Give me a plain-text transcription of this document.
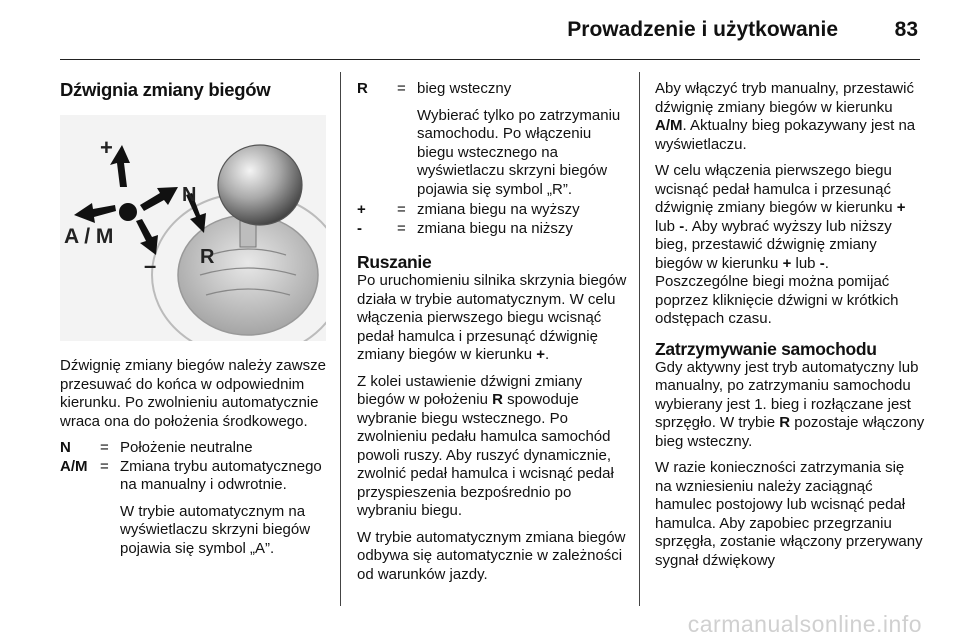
Prowadzenie i użytkowanie	83
Dźwignia zmiany biegów
+
–
A / M
N
R

Dźwignię zmiany biegów należy zawsze przesuwać do końca w odpowiednim kierunku. Po zwolnieniu automatycznie wraca ona do położenia środkowego.

N	= Położenie neutralne
A/M = Zmiana trybu automatycznego na manualny i odwrotnie.
W trybie automatycznym na wyświetlaczu skrzyni biegów pojawia się symbol „A”.
R	= bieg wsteczny
Wybierać tylko po zatrzymaniu samochodu. Po włączeniu biegu wstecznego na wyświetlaczu skrzyni biegów pojawia się symbol „R”.
+	= zmiana biegu na wyższy
-	= zmiana biegu na niższy
Ruszanie

Po uruchomieniu silnika skrzynia biegów działa w trybie automatycznym. W celu włączenia pierwszego biegu wcisnąć pedał hamulca i przesunąć dźwignię zmiany biegów w kierunku +.

Z kolei ustawienie dźwigni zmiany biegów w położeniu R spowoduje wybranie biegu wstecznego. Po zwolnieniu pedału hamulca samochód powoli ruszy. Aby ruszyć dynamicznie, zwolnić pedał hamulca i wcisnąć pedał przyspieszenia bezpośrednio po wybraniu biegu.

W trybie automatycznym zmiana biegów odbywa się automatycznie w zależności od warunków jazdy.

Aby włączyć tryb manualny, przestawić dźwignię zmiany biegów w kierunku A/M. Aktualny bieg pokazywany jest na wyświetlaczu.

W celu włączenia pierwszego biegu wcisnąć pedał hamulca i przesunąć dźwignię zmiany biegów w kierunku + lub -. Aby wybrać wyższy lub niższy bieg, przestawić dźwignię zmiany biegów w kierunku + lub -. Poszczególne biegi można pomijać poprzez kliknięcie dźwigni w krótkich odstępach czasu.

Zatrzymywanie samochodu

Gdy aktywny jest tryb automatyczny lub manualny, po zatrzymaniu samochodu wybierany jest 1. bieg i rozłączane jest sprzęgło. W trybie R pozostaje włączony bieg wsteczny.

W razie konieczności zatrzymania się na wzniesieniu należy zaciągnąć hamulec postojowy lub wcisnąć pedał hamulca. Aby zapobiec przegrzaniu sprzęgła, zostanie włączony przerywany sygnał dźwiękowy

carmanualsonline.info
